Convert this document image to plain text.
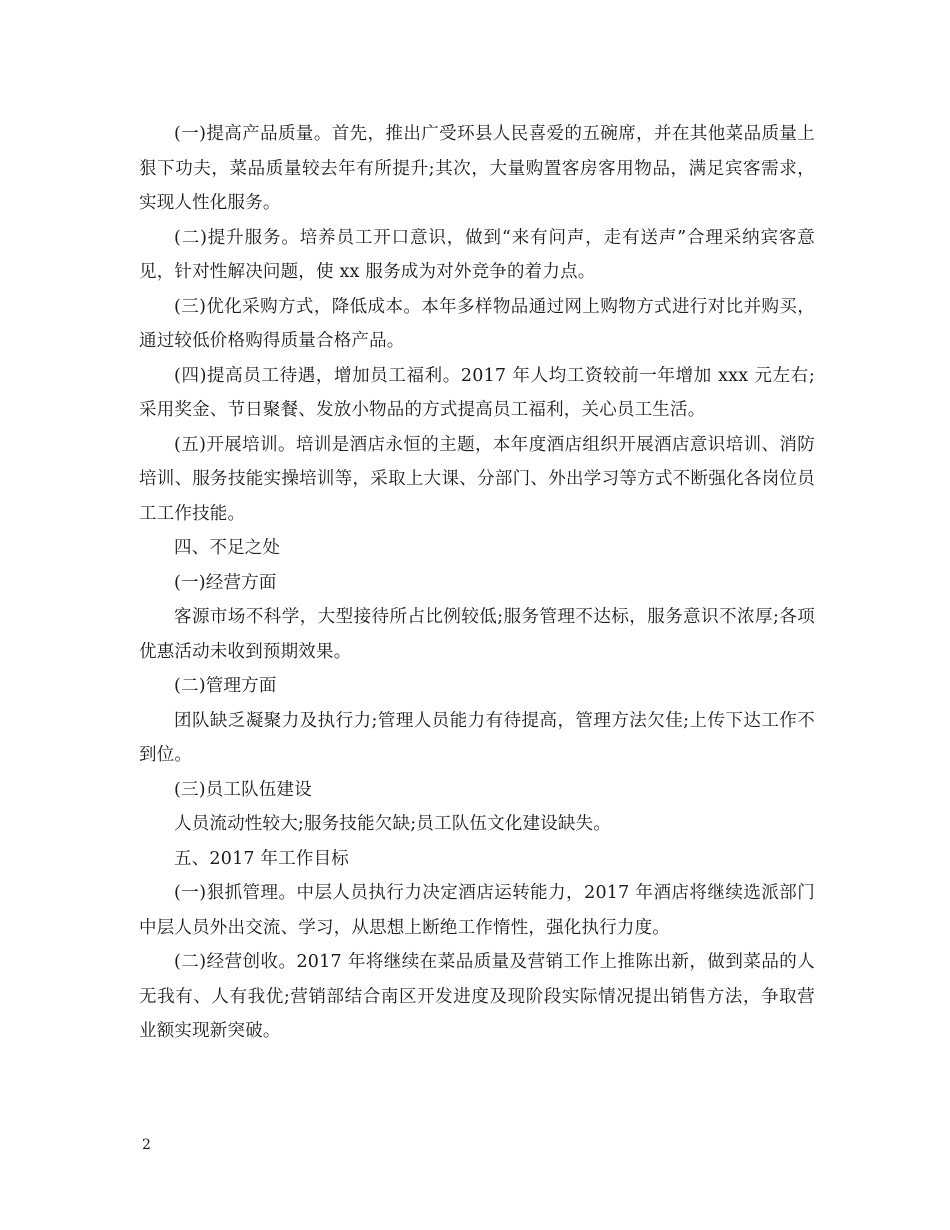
(一)提高产品质量。首先，推出广受环县人民喜爱的五碗席，并在其他菜品质量上狠下功夫，菜品质量较去年有所提升;其次，大量购置客房客用物品，满足宾客需求，实现人性化服务。

(二)提升服务。培养员工开口意识，做到“来有问声，走有送声”合理采纳宾客意见，针对性解决问题，使 xx 服务成为对外竞争的着力点。

(三)优化采购方式，降低成本。本年多样物品通过网上购物方式进行对比并购买，通过较低价格购得质量合格产品。

(四)提高员工待遇，增加员工福利。2017 年人均工资较前一年增加 xxx 元左右;采用奖金、节日聚餐、发放小物品的方式提高员工福利，关心员工生活。

(五)开展培训。培训是酒店永恒的主题，本年度酒店组织开展酒店意识培训、消防培训、服务技能实操培训等，采取上大课、分部门、外出学习等方式不断强化各岗位员工工作技能。

四、不足之处

(一)经营方面

客源市场不科学，大型接待所占比例较低;服务管理不达标，服务意识不浓厚;各项优惠活动未收到预期效果。

(二)管理方面

团队缺乏凝聚力及执行力;管理人员能力有待提高，管理方法欠佳;上传下达工作不到位。

(三)员工队伍建设

人员流动性较大;服务技能欠缺;员工队伍文化建设缺失。

五、2017 年工作目标

(一)狠抓管理。中层人员执行力决定酒店运转能力，2017 年酒店将继续选派部门中层人员外出交流、学习，从思想上断绝工作惰性，强化执行力度。

(二)经营创收。2017 年将继续在菜品质量及营销工作上推陈出新，做到菜品的人无我有、人有我优;营销部结合南区开发进度及现阶段实际情况提出销售方法，争取营业额实现新突破。

2
